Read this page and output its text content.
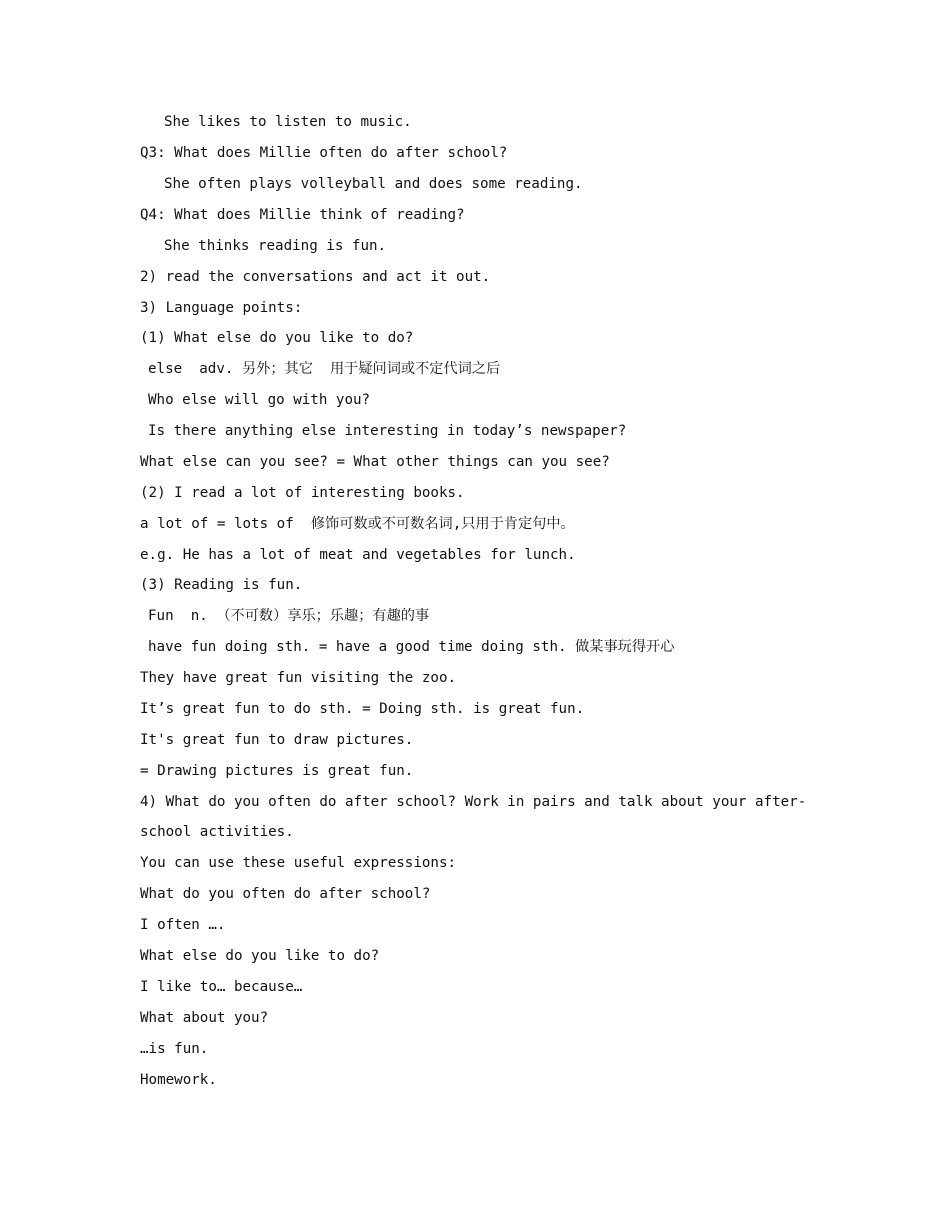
She likes to listen to music.
Q3: What does Millie often do after school?
She often plays volleyball and does some reading.
Q4: What does Millie think of reading?
She thinks reading is fun.
2) read the conversations and act it out.
3) Language points:
(1) What else do you like to do?
else  adv. 另外；其它  用于疑问词或不定代词之后
Who else will go with you?
Is there anything else interesting in today’s newspaper?
What else can you see? = What other things can you see?
(2) I read a lot of interesting books.
a lot of = lots of  修饰可数或不可数名词,只用于肯定句中。
e.g. He has a lot of meat and vegetables for lunch.
(3) Reading is fun.
Fun  n. （不可数）享乐；乐趣；有趣的事
have fun doing sth. = have a good time doing sth. 做某事玩得开心
They have great fun visiting the zoo.
It’s great fun to do sth. = Doing sth. is great fun.
It's great fun to draw pictures.
= Drawing pictures is great fun.
4) What do you often do after school? Work in pairs and talk about your after-
school activities.
You can use these useful expressions:
What do you often do after school?
I often ….
What else do you like to do?
I like to… because…
What about you?
…is fun.
Homework.
